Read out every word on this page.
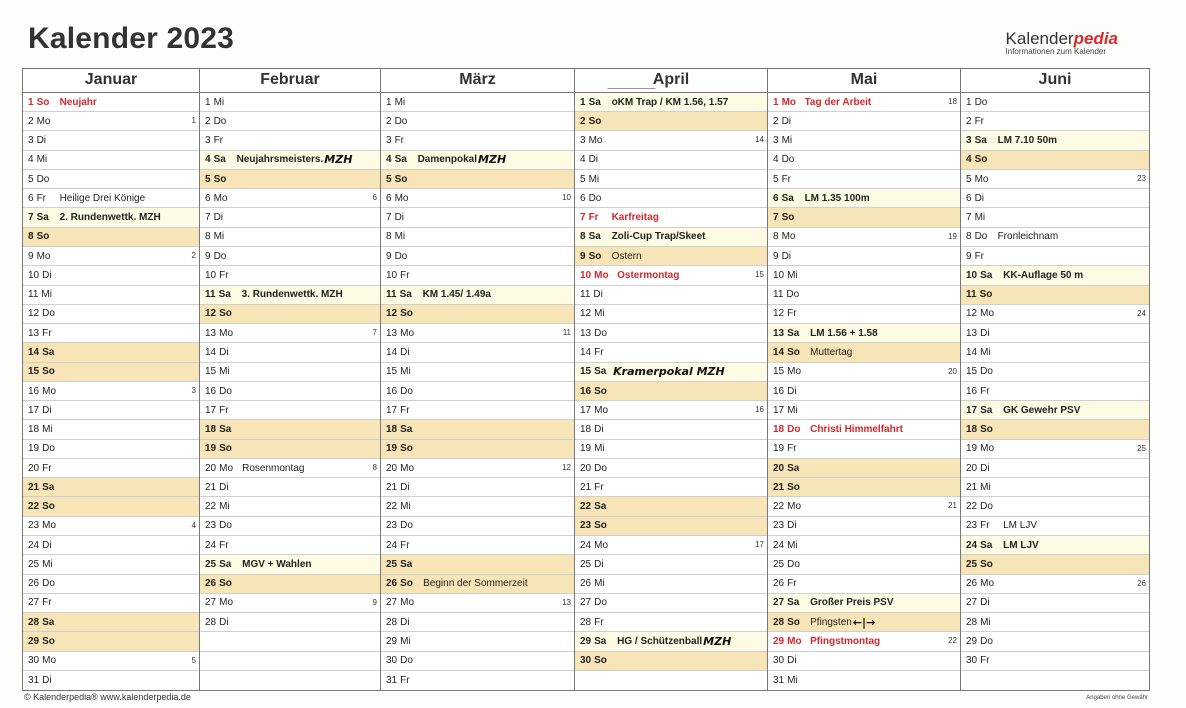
Kalender 2023	Kalenderpedia
Informationen zum Kalender
Januar
1 So	Neujahr
2 Mo	1
3 Di
4 Mi
5 Do
6 Fr	Heilige Drei Könige
7 Sa	2. Rundenwettk. MZH
8 So
9 Mo	2
10 Di
11 Mi
12 Do
13 Fr
14 Sa
15 So
16 Mo	3
17 Di
18 Mi
19 Do
20 Fr
21 Sa
22 So
23 Mo	4
24 Di
25 Mi
26 Do
27 Fr
28 Sa
29 So
30 Mo	5
31 Di
Februar
1 Mi
2 Do
3 Fr
4 Sa	Neujahrsmeisters. MZH
5 So
6 Mo	6
7 Di
8 Mi
9 Do
10 Fr
11 Sa	3. Rundenwettk. MZH
12 So
13 Mo	7
14 Di
15 Mi
16 Do
17 Fr
18 Sa
19 So
20 Mo Rosenmontag	8
21 Di
22 Mi
23 Do
24 Fr
25 Sa	MGV + Wahlen
26 So
27 Mo	9
28 Di
März
1 Mi
2 Do
3 Fr
4 Sa	Damenpokal MZH
5 So
6 Mo	10
7 Di
8 Mi
9 Do
10 Fr
11 Sa	KM 1.45/ 1.49a
12 So
13 Mo	11
14 Di
15 Mi
16 Do
17 Fr
18 Sa
19 So
20 Mo	12
21 Di
22 Mi
23 Do
24 Fr
25 Sa
26 So	Beginn der Sommerzeit
27 Mo	13
28 Di
29 Mi
30 Do
31 Fr
April
1 Sa	oKM Trap / KM 1.56, 1.57
2 So
3 Mo	14
4 Di
5 Mi
6 Do
7 Fr	Karfreitag
8 Sa	Zoli-Cup Trap/Skeet
9 So	Ostern
10 Mo Ostermontag	15
11 Di
12 Mi
13 Do
14 Fr
15 Sa Kramerpokal MZH
16 So
17 Mo	16
18 Di
19 Mi
20 Do
21 Fr
22 Sa
23 So
24 Mo	17
25 Di
26 Mi
27 Do
28 Fr
29 Sa	HG / Schützenball MZH
30 So
Mai
1 Mo Tag der Arbeit	18
2 Di
3 Mi
4 Do
5 Fr
6 Sa	LM 1.35 100m
7 So
8 Mo	19
9 Di
10 Mi
11 Do
12 Fr
13 Sa	LM 1.56 + 1.58
14 So	Muttertag
15 Mo	20
16 Di
17 Mi
18 Do Christi Himmelfahrt
19 Fr
20 Sa
21 So
22 Mo	21
23 Di
24 Mi
25 Do
26 Fr
27 Sa	Großer Preis PSV
28 So	Pfingsten ←|→
29 Mo Pfingstmontag	22
30 Di
31 Mi
Juni
1 Do
2 Fr
3 Sa	LM 7.10 50m
4 So
5 Mo	23
6 Di
7 Mi
8 Do	Fronleichnam
9 Fr
10 Sa	KK-Auflage 50 m
11 So
12 Mo	24
13 Di
14 Mi
15 Do
16 Fr
17 Sa	GK Gewehr PSV
18 So
19 Mo	25
20 Di
21 Mi
22 Do
23 Fr	LM LJV
24 Sa	LM LJV
25 So
26 Mo	26
27 Di
28 Mi
29 Do
30 Fr
© Kalenderpedia® www.kalenderpedia.de	Angaben ohne Gewähr
